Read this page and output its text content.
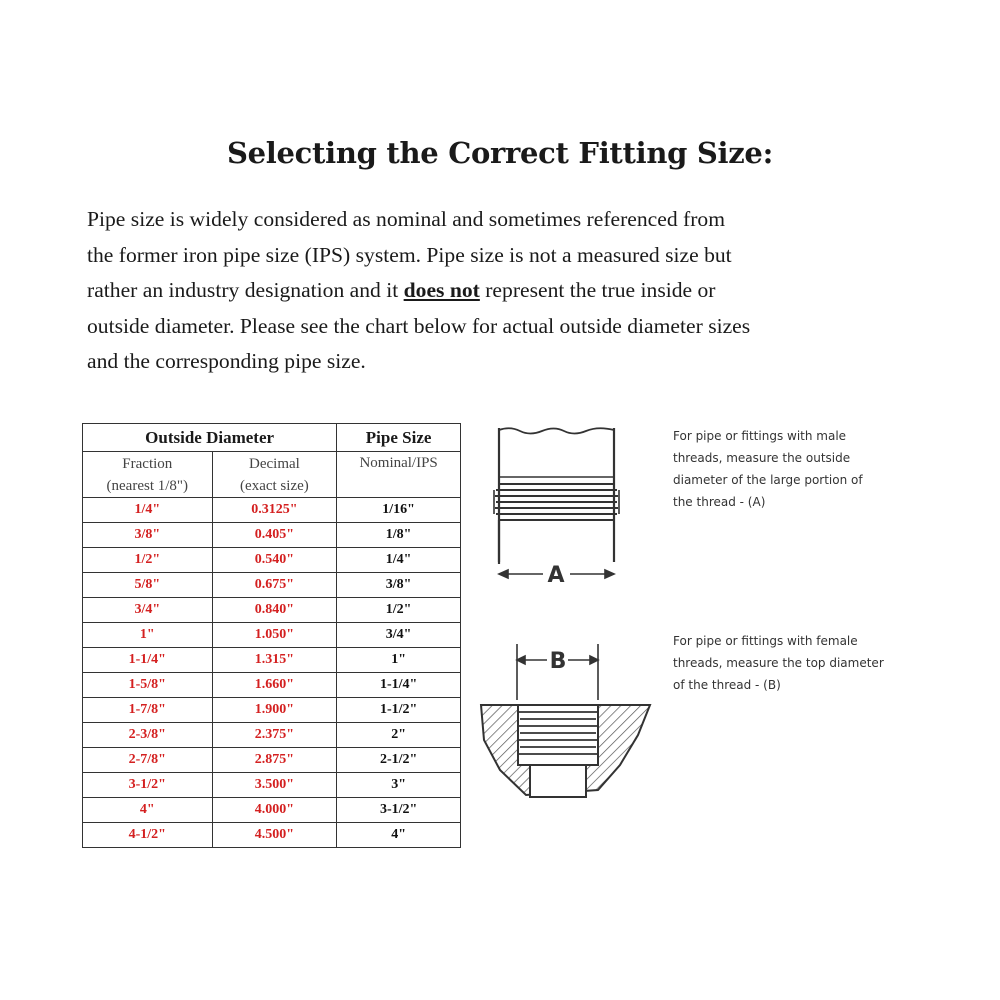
Selecting the Correct Fitting Size:
Pipe size is widely considered as nominal and sometimes referenced from
the former iron pipe size (IPS) system. Pipe size is not a measured size but
rather an industry designation and it does not represent the true inside or
outside diameter. Please see the chart below for actual outside diameter sizes
and the corresponding pipe size.
Outside Diameter		Pipe Size
Fraction	Decimal	Nominal/IPS
(nearest 1/8")	(exact size)	
1/4"	0.3125"	1/16"
3/8"	0.405"	1/8"
1/2"	0.540"	1/4"
5/8"	0.675"	3/8"
3/4"	0.840"	1/2"
1"	1.050"	3/4"
1-1/4"	1.315"	1"
1-5/8"	1.660"	1-1/4"
1-7/8"	1.900"	1-1/2"
2-3/8"	2.375"	2"
2-7/8"	2.875"	2-1/2"
3-1/2"	3.500"	3"
4"	4.000"	3-1/2"
4-1/2"	4.500"	4"
A
B
For pipe or fittings with male
threads, measure the outside
diameter of the large portion of
the thread - (A)
For pipe or fittings with female
threads, measure the top diameter
of the thread - (B)
